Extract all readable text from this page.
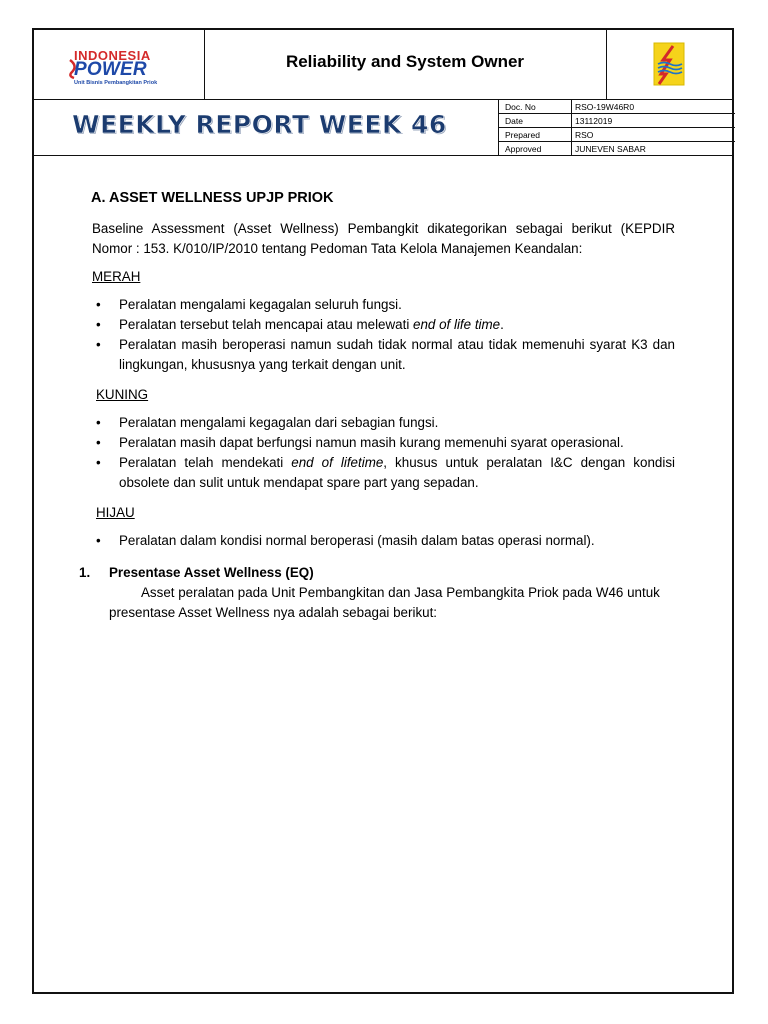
INDONESIA
POWER
Unit Bisnis Pembangkitan Priok
Reliability and System Owner
WEEKLY REPORT WEEK 46
Doc. No	RSO-19W46R0
Date	13112019
Prepared	RSO
Approved	JUNEVEN SABAR
A. ASSET WELLNESS UPJP PRIOK

Baseline Assessment (Asset Wellness) Pembangkit dikategorikan sebagai berikut (KEPDIR Nomor : 153. K/010/IP/2010 tentang Pedoman Tata Kelola Manajemen Keandalan:

MERAH
• Peralatan mengalami kegagalan seluruh fungsi.
• Peralatan tersebut telah mencapai atau melewati end of life time.
• Peralatan masih beroperasi namun sudah tidak normal atau tidak memenuhi syarat K3 dan lingkungan, khususnya yang terkait dengan unit.
KUNING
• Peralatan mengalami kegagalan dari sebagian fungsi.
• Peralatan masih dapat berfungsi namun masih kurang memenuhi syarat operasional.
• Peralatan telah mendekati end of lifetime, khusus untuk peralatan I&C dengan kondisi obsolete dan sulit untuk mendapat spare part yang sepadan.
HIJAU
• Peralatan dalam kondisi normal beroperasi (masih dalam batas operasi normal).
1. Presentase Asset Wellness (EQ)
Asset peralatan pada Unit Pembangkitan dan Jasa Pembangkita Priok pada W46 untuk presentase Asset Wellness nya adalah sebagai berikut:
